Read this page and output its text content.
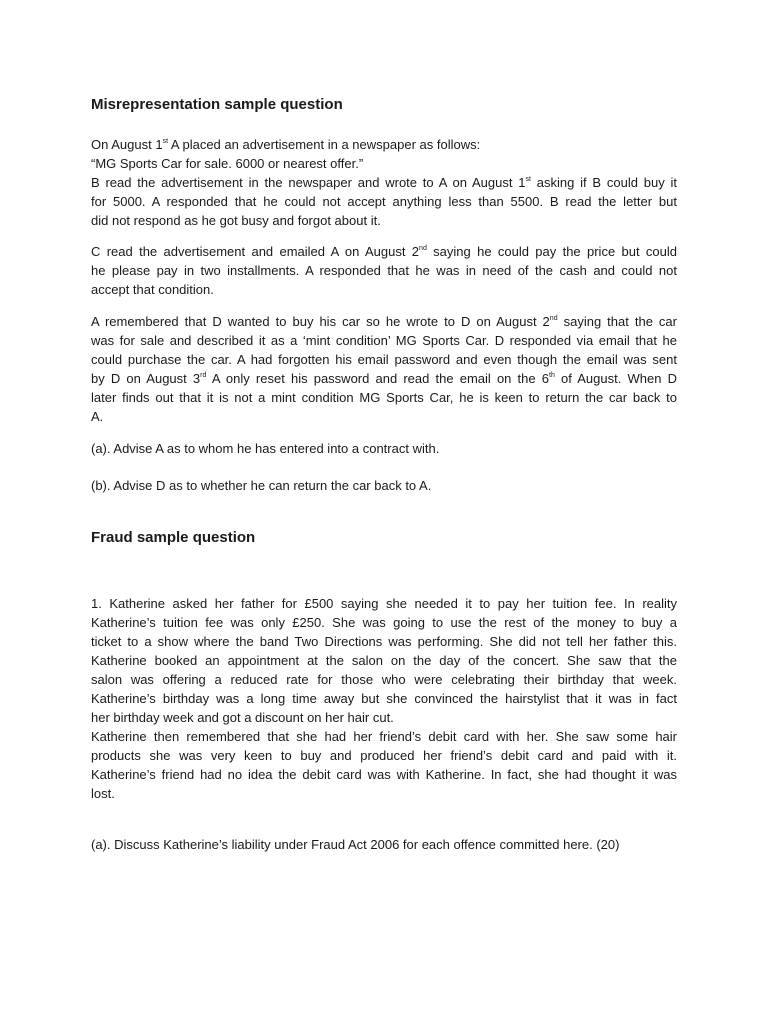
Misrepresentation sample question
On August 1st A placed an advertisement in a newspaper as follows:
“MG Sports Car for sale. 6000 or nearest offer.”
B read the advertisement in the newspaper and wrote to A on August 1st asking if B could buy it
for 5000. A responded that he could not accept anything less than 5500. B read the letter but
did not respond as he got busy and forgot about it.
C read the advertisement and emailed A on August 2nd saying he could pay the price but could
he please pay in two installments. A responded that he was in need of the cash and could not
accept that condition.
A remembered that D wanted to buy his car so he wrote to D on August 2nd saying that the car
was for sale and described it as a ‘mint condition’ MG Sports Car. D responded via email that he
could purchase the car. A had forgotten his email password and even though the email was sent
by D on August 3rd A only reset his password and read the email on the 6th of August. When D
later finds out that it is not a mint condition MG Sports Car, he is keen to return the car back to
A.
(a). Advise A as to whom he has entered into a contract with.
(b). Advise D as to whether he can return the car back to A.
Fraud sample question
1. Katherine asked her father for £500 saying she needed it to pay her tuition fee. In reality
Katherine’s tuition fee was only £250. She was going to use the rest of the money to buy a
ticket to a show where the band Two Directions was performing. She did not tell her father this.
Katherine booked an appointment at the salon on the day of the concert. She saw that the
salon was offering a reduced rate for those who were celebrating their birthday that week.
Katherine’s birthday was a long time away but she convinced the hairstylist that it was in fact
her birthday week and got a discount on her hair cut.
Katherine then remembered that she had her friend’s debit card with her. She saw some hair
products she was very keen to buy and produced her friend’s debit card and paid with it.
Katherine’s friend had no idea the debit card was with Katherine. In fact, she had thought it was
lost.
(a). Discuss Katherine’s liability under Fraud Act 2006 for each offence committed here. (20)
